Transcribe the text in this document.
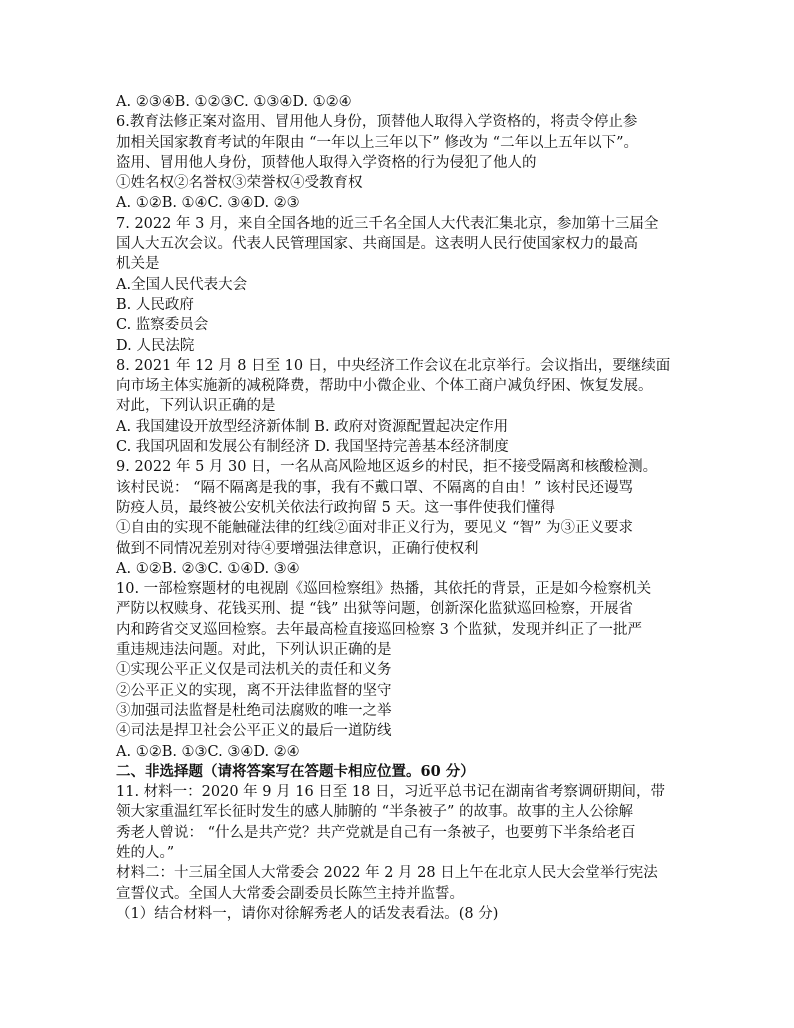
A. ②③④B. ①②③C. ①③④D. ①②④
6.教育法修正案对盗用、冒用他人身份，顶替他人取得入学资格的，将责令停止参
加相关国家教育考试的年限由 “一年以上三年以下” 修改为 “二年以上五年以下”。
盗用、冒用他人身份，顶替他人取得入学资格的行为侵犯了他人的
①姓名权②名誉权③荣誉权④受教育权
A. ①②B. ①④C. ③④D. ②③
7. 2022 年 3 月，来自全国各地的近三千名全国人大代表汇集北京，参加第十三届全
国人大五次会议。代表人民管理国家、共商国是。这表明人民行使国家权力的最高
机关是
A.全国人民代表大会
B. 人民政府
C. 监察委员会
D. 人民法院
8. 2021 年 12 月 8 日至 10 日，中央经济工作会议在北京举行。会议指出，要继续面
向市场主体实施新的减税降费，帮助中小微企业、个体工商户减负纾困、恢复发展。
对此，下列认识正确的是
A. 我国建设开放型经济新体制 B. 政府对资源配置起决定作用
C. 我国巩固和发展公有制经济 D. 我国坚持完善基本经济制度
9. 2022 年 5 月 30 日，一名从高风险地区返乡的村民，拒不接受隔离和核酸检测。
该村民说： “隔不隔离是我的事，我有不戴口罩、不隔离的自由！” 该村民还谩骂
防疫人员，最终被公安机关依法行政拘留 5 天。这一事件使我们懂得
①自由的实现不能触碰法律的红线②面对非正义行为，要见义 “智” 为③正义要求
做到不同情况差别对待④要增强法律意识，正确行使权利
A. ①②B. ②③C. ①④D. ③④
10. 一部检察题材的电视剧《巡回检察组》热播，其依托的背景，正是如今检察机关
严防以权赎身、花钱买刑、提 “钱” 出狱等问题，创新深化监狱巡回检察，开展省
内和跨省交叉巡回检察。去年最高检直接巡回检察 3 个监狱，发现并纠正了一批严
重违规违法问题。对此，下列认识正确的是
①实现公平正义仅是司法机关的责任和义务
②公平正义的实现，离不开法律监督的坚守
③加强司法监督是杜绝司法腐败的唯一之举
④司法是捍卫社会公平正义的最后一道防线
A. ①②B. ①③C. ③④D. ②④
二、非选择题（请将答案写在答题卡相应位置。60 分）
11. 材料一：2020 年 9 月 16 日至 18 日，习近平总书记在湖南省考察调研期间，带
领大家重温红军长征时发生的感人肺腑的 “半条被子” 的故事。故事的主人公徐解
秀老人曾说： “什么是共产党？共产党就是自己有一条被子，也要剪下半条给老百
姓的人。”
材料二：十三届全国人大常委会 2022 年 2 月 28 日上午在北京人民大会堂举行宪法
宣誓仪式。全国人大常委会副委员长陈竺主持并监誓。
（1）结合材料一，请你对徐解秀老人的话发表看法。(8 分)
